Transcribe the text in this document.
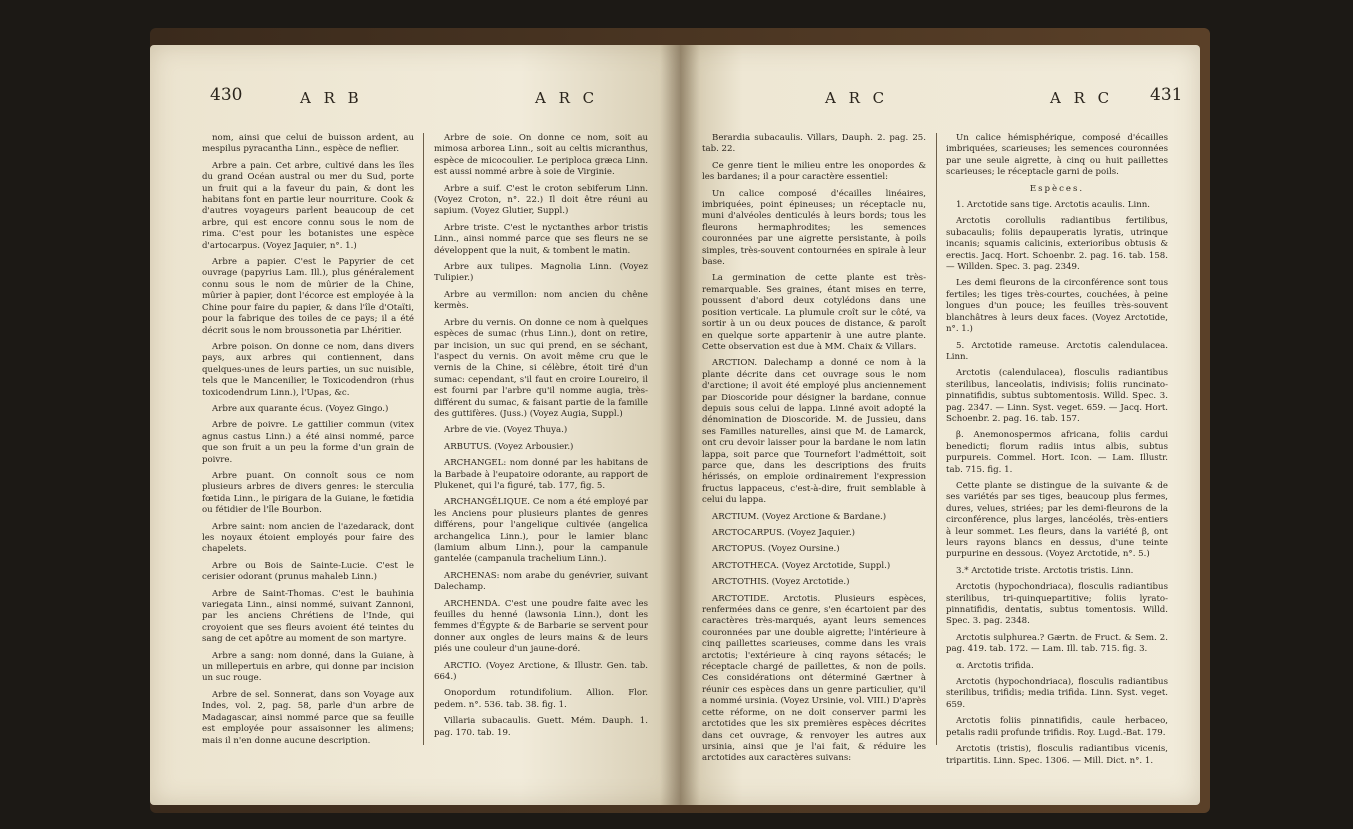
430	A R B	A R C

nom, ainsi que celui de buisson ardent, au mespilus pyracantha Linn., espèce de neflier.

Arbre a pain. Cet arbre, cultivé dans les îles du grand Océan austral ou mer du Sud, porte un fruit qui a la faveur du pain, & dont les habitans font en partie leur nourriture. Cook & d'autres voyageurs parlent beaucoup de cet arbre, qui est encore connu sous le nom de rima. C'est pour les botanistes une espèce d'artocarpus. (Voyez Jaquier, n°. 1.)

Arbre a papier. C'est le Papyrier de cet ouvrage (papyrius Lam. Ill.), plus généralement connu sous le nom de mûrier de la Chine, mûrier à papier, dont l'écorce est employée à la Chine pour faire du papier, & dans l'île d'Otaïti, pour la fabrique des toiles de ce pays; il a été décrit sous le nom broussonetia par Lhéritier.

Arbre poison. On donne ce nom, dans divers pays, aux arbres qui contiennent, dans quelques-unes de leurs parties, un suc nuisible, tels que le Mancenilier, le Toxicodendron (rhus toxicodendrum Linn.), l'Upas, &c.

Arbre aux quarante écus. (Voyez Gingo.)

Arbre de poivre. Le gattilier commun (vitex agnus castus Linn.) a été ainsi nommé, parce que son fruit a un peu la forme d'un grain de poivre.

Arbre puant. On connoît sous ce nom plusieurs arbres de divers genres: le sterculia fœtida Linn., le pirigara de la Guiane, le fœtidia ou fétidier de l'île Bourbon.

Arbre saint: nom ancien de l'azedarack, dont les noyaux étoient employés pour faire des chapelets.

Arbre ou Bois de Sainte-Lucie. C'est le cerisier odorant (prunus mahaleb Linn.)

Arbre de Saint-Thomas. C'est le bauhinia variegata Linn., ainsi nommé, suivant Zannoni, par les anciens Chrétiens de l'Inde, qui croyoient que ses fleurs avoient été teintes du sang de cet apôtre au moment de son martyre.

Arbre a sang: nom donné, dans la Guiane, à un millepertuis en arbre, qui donne par incision un suc rouge.

Arbre de sel. Sonnerat, dans son Voyage aux Indes, vol. 2, pag. 58, parle d'un arbre de Madagascar, ainsi nommé parce que sa feuille est employée pour assaisonner les alimens; mais il n'en donne aucune description.

Arbre de soie. On donne ce nom, soit au mimosa arborea Linn., soit au celtis micranthus, espèce de micocoulier. Le periploca græca Linn. est aussi nommé arbre à soie de Virginie.

Arbre a suif. C'est le croton sebiferum Linn. (Voyez Croton, n°. 22.) Il doit être réuni au sapium. (Voyez Glutier, Suppl.)

Arbre triste. C'est le nyctanthes arbor tristis Linn., ainsi nommé parce que ses fleurs ne se développent que la nuit, & tombent le matin.

Arbre aux tulipes. Magnolia Linn. (Voyez Tulipier.)

Arbre au vermillon: nom ancien du chêne kermès.

Arbre du vernis. On donne ce nom à quelques espèces de sumac (rhus Linn.), dont on retire, par incision, un suc qui prend, en se séchant, l'aspect du vernis. On avoit même cru que le vernis de la Chine, si célèbre, étoit tiré d'un sumac: cependant, s'il faut en croire Loureiro, il est fourni par l'arbre qu'il nomme augia, très-différent du sumac, & faisant partie de la famille des guttifères. (Juss.) (Voyez Augia, Suppl.)

Arbre de vie. (Voyez Thuya.)

ARBUTUS. (Voyez Arbousier.)

ARCHANGEL: nom donné par les habitans de la Barbade à l'eupatoire odorante, au rapport de Plukenet, qui l'a figuré, tab. 177, fig. 5.

ARCHANGÉLIQUE. Ce nom a été employé par les Anciens pour plusieurs plantes de genres différens, pour l'angelique cultivée (angelica archangelica Linn.), pour le lamier blanc (lamium album Linn.), pour la campanule gantelée (campanula trachelium Linn.).

ARCHENAS: nom arabe du genévrier, suivant Dalechamp.

ARCHENDA. C'est une poudre faite avec les feuilles du henné (lawsonia Linn.), dont les femmes d'Égypte & de Barbarie se servent pour donner aux ongles de leurs mains & de leurs piés une couleur d'un jaune-doré.

ARCTIO. (Voyez Arctione, & Illustr. Gen. tab. 664.)

Onopordum rotundifolium. Allion. Flor. pedem. n°. 536. tab. 38. fig. 1.

Villaria subacaulis. Guett. Mém. Dauph. 1. pag. 170. tab. 19.

A R C	A R C 431

Berardia subacaulis. Villars, Dauph. 2. pag. 25. tab. 22.

Ce genre tient le milieu entre les onopordes & les bardanes; il a pour caractère essentiel:

Un calice composé d'écailles linéaires, imbriquées, point épineuses; un réceptacle nu, muni d'alvéoles denticulés à leurs bords; tous les fleurons hermaphrodites; les semences couronnées par une aigrette persistante, à poils simples, très-souvent contournées en spirale à leur base.

La germination de cette plante est très-remarquable. Ses graines, étant mises en terre, poussent d'abord deux cotylédons dans une position verticale. La plumule croît sur le côté, va sortir à un ou deux pouces de distance, & paroît en quelque sorte appartenir à une autre plante. Cette observation est due à MM. Chaix & Villars.

ARCTION. Dalechamp a donné ce nom à la plante décrite dans cet ouvrage sous le nom d'arctione; il avoit été employé plus anciennement par Dioscoride pour désigner la bardane, connue depuis sous celui de lappa. Linné avoit adopté la dénomination de Dioscoride. M. de Jussieu, dans ses Familles naturelles, ainsi que M. de Lamarck, ont cru devoir laisser pour la bardane le nom latin lappa, soit parce que Tournefort l'adméttoit, soit parce que, dans les descriptions des fruits hérissés, on emploie ordinairement l'expression fructus lappaceus, c'est-à-dire, fruit semblable à celui du lappa.

ARCTIUM. (Voyez Arctione & Bardane.)

ARCTOCARPUS. (Voyez Jaquier.)

ARCTOPUS. (Voyez Oursine.)

ARCTOTHECA. (Voyez Arctotide, Suppl.)

ARCTOTHIS. (Voyez Arctotide.)

ARCTOTIDE. Arctotis. Plusieurs espèces, renfermées dans ce genre, s'en écartoient par des caractères très-marqués, ayant leurs semences couronnées par une double aigrette; l'intérieure à cinq paillettes scarieuses, comme dans les vrais arctotis; l'extérieure à cinq rayons sétacés; le réceptacle chargé de paillettes, & non de poils. Ces considérations ont déterminé Gærtner à réunir ces espèces dans un genre particulier, qu'il a nommé ursinia. (Voyez Ursinie, vol. VIII.) D'après cette réforme, on ne doit conserver parmi les arctotides que les six premières espèces décrites dans cet ouvrage, & renvoyer les autres aux ursinia, ainsi que je l'ai fait, & réduire les arctotides aux caractères suivans:

Un calice hémisphérique, composé d'écailles imbriquées, scarieuses; les semences couronnées par une seule aigrette, à cinq ou huit paillettes scarieuses; le réceptacle garni de poils.

Espèces.

1. Arctotide sans tige. Arctotis acaulis. Linn.

Arctotis corollulis radiantibus fertilibus, subacaulis; foliis depauperatis lyratis, utrinque incanis; squamis calicinis, exterioribus obtusis & erectis. Jacq. Hort. Schoenbr. 2. pag. 16. tab. 158. — Willden. Spec. 3. pag. 2349.

Les demi fleurons de la circonférence sont tous fertiles; les tiges très-courtes, couchées, à peine longues d'un pouce; les feuilles très-souvent blanchâtres à leurs deux faces. (Voyez Arctotide, n°. 1.)

5. Arctotide rameuse. Arctotis calendulacea. Linn.

Arctotis (calendulacea), flosculis radiantibus sterilibus, lanceolatis, indivisis; foliis runcinato-pinnatifidis, subtus subtomentosis. Willd. Spec. 3. pag. 2347. — Linn. Syst. veget. 659. — Jacq. Hort. Schoenbr. 2. pag. 16. tab. 157.

β. Anemonospermos africana, foliis cardui benedicti; florum radiis intus albis, subtus purpureis. Commel. Hort. Icon. — Lam. Illustr. tab. 715. fig. 1.

Cette plante se distingue de la suivante & de ses variétés par ses tiges, beaucoup plus fermes, dures, velues, striées; par les demi-fleurons de la circonférence, plus larges, lancéolés, très-entiers à leur sommet. Les fleurs, dans la variété β, ont leurs rayons blancs en dessus, d'une teinte purpurine en dessous. (Voyez Arctotide, n°. 5.)

3.* Arctotide triste. Arctotis tristis. Linn.

Arctotis (hypochondriaca), flosculis radiantibus sterilibus, tri-quinquepartitive; foliis lyrato-pinnatifidis, dentatis, subtus tomentosis. Willd. Spec. 3. pag. 2348.

Arctotis sulphurea.? Gærtn. de Fruct. & Sem. 2. pag. 419. tab. 172. — Lam. Ill. tab. 715. fig. 3.

α. Arctotis trifida.

Arctotis (hypochondriaca), flosculis radiantibus sterilibus, trifidis; media trifida. Linn. Syst. veget. 659.

Arctotis foliis pinnatifidis, caule herbaceo, petalis radii profunde trifidis. Roy. Lugd.-Bat. 179.

Arctotis (tristis), flosculis radiantibus vicenis, tripartitis. Linn. Spec. 1306. — Mill. Dict. n°. 1.
